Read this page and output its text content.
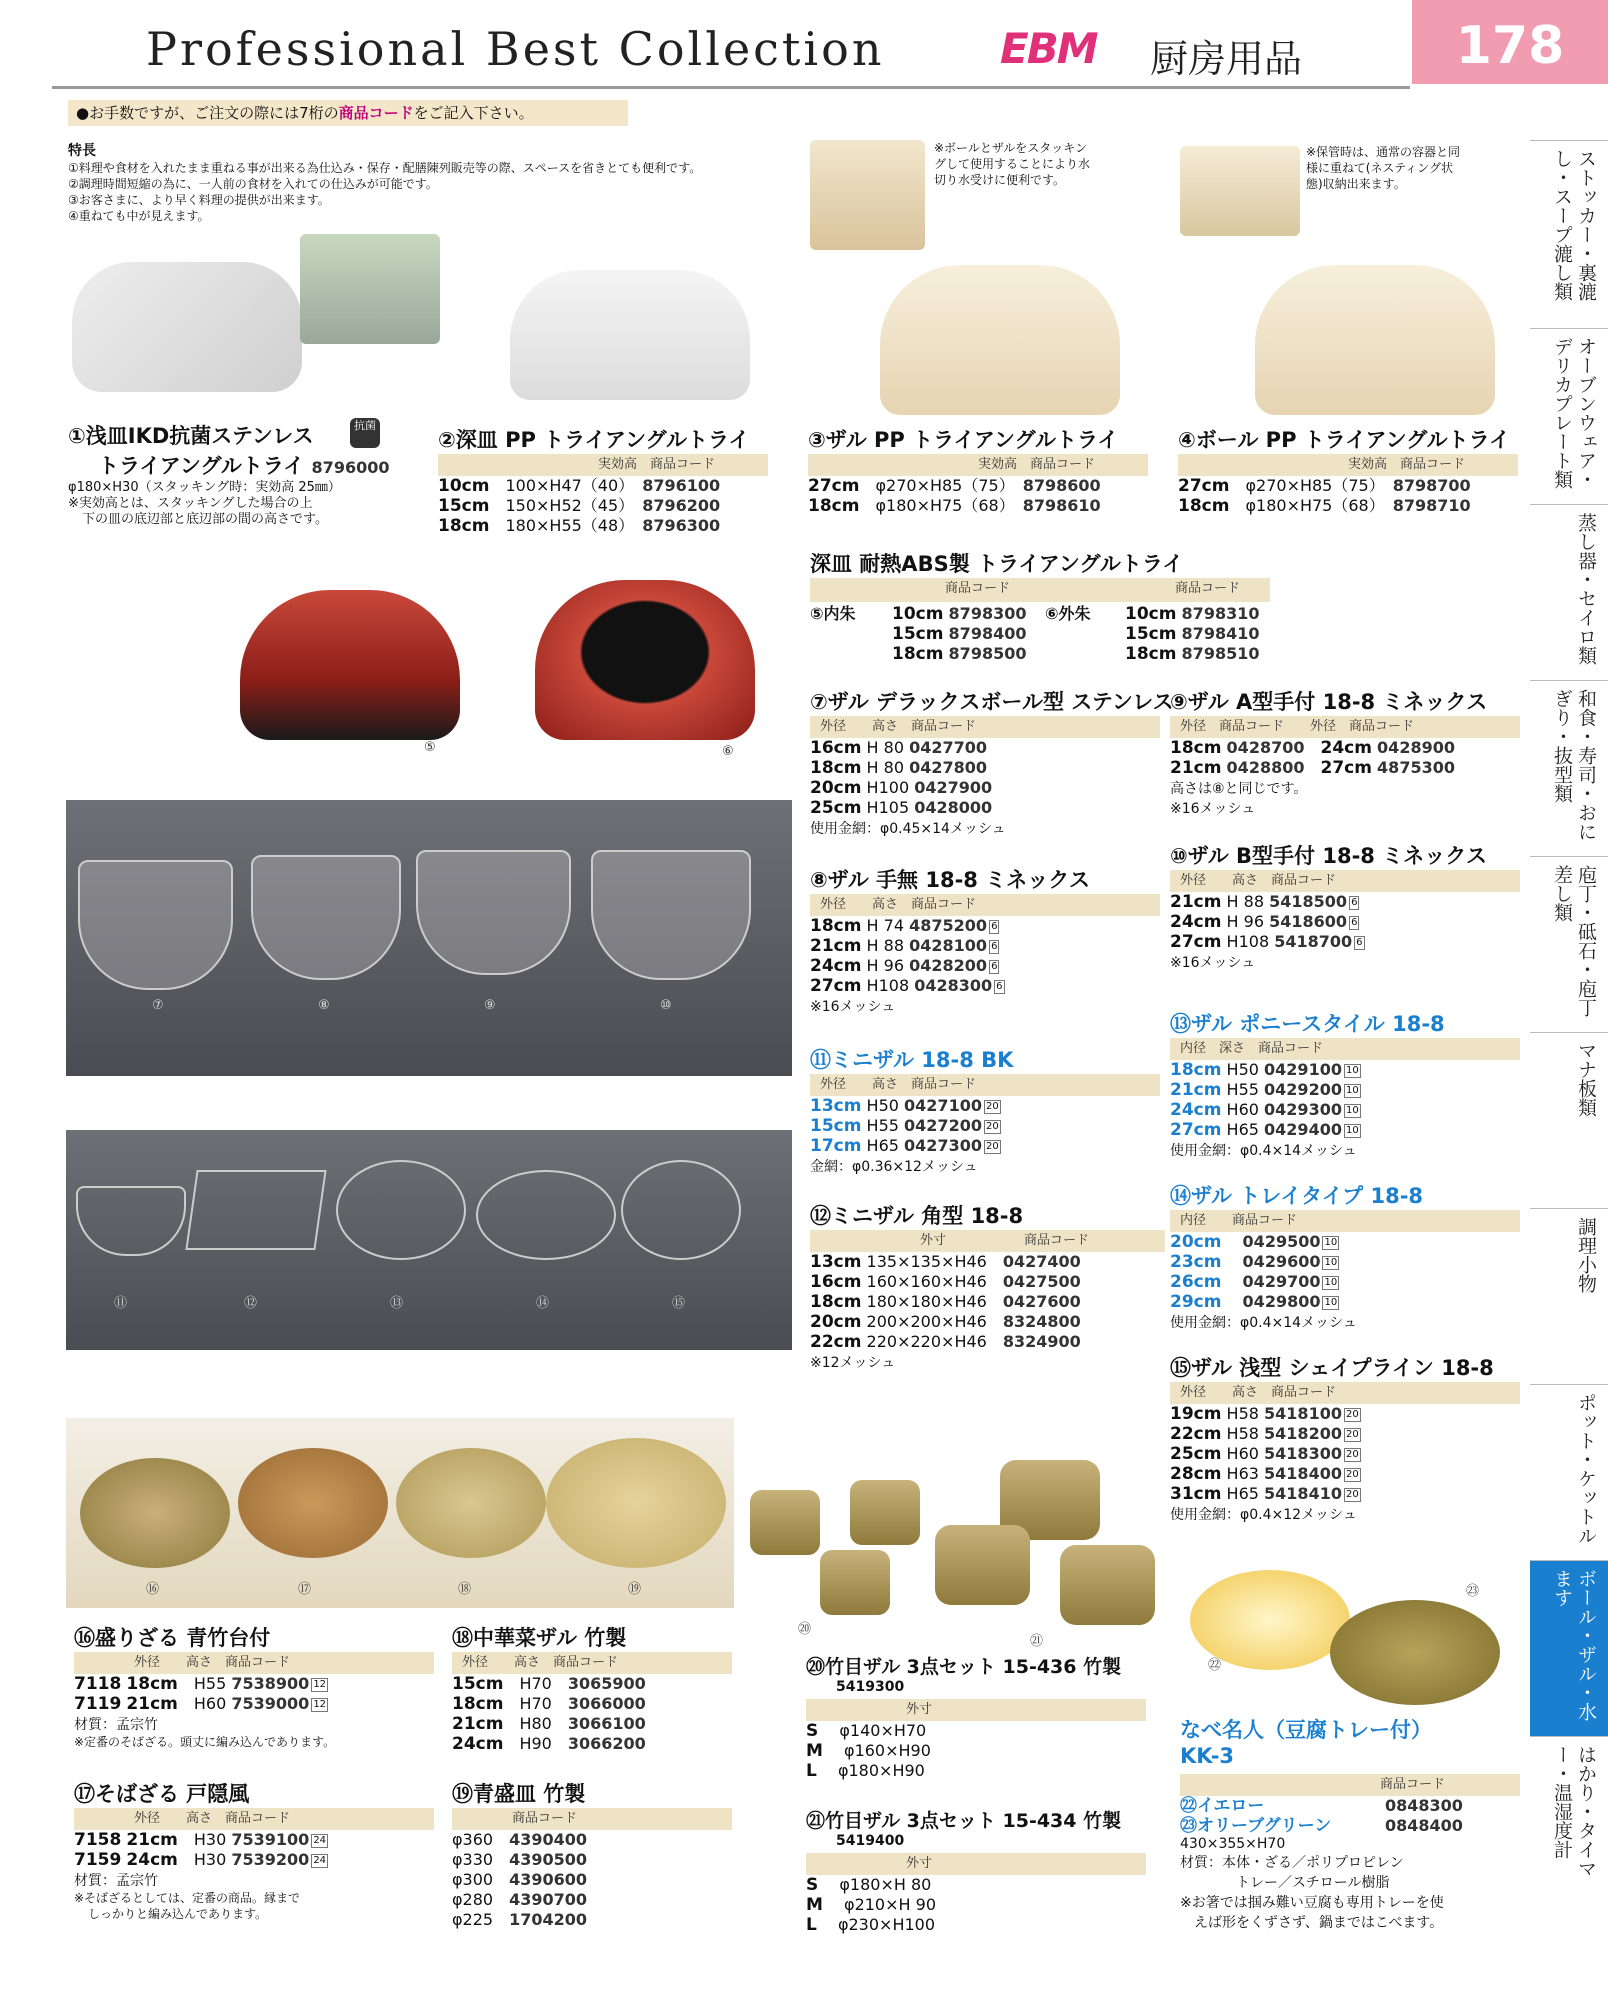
Professional Best Collection	EBM 厨房用品	178
●お手数ですが、ご注文の際には7桁の商品コードをご記入下さい。
特長
①料理や食材を入れたまま重ねる事が出来る為仕込み・保存・配膳陳列販売等の際、スペースを省きとても便利です。
②調理時間短縮の為に、一人前の食材を入れての仕込みが可能です。
③お客さまに、より早く料理の提供が出来ます。
④重ねても中が見えます。
※ボールとザルをスタッキングして使用することにより水切り水受けに便利です。
※保管時は、通常の容器と同様に重ねて(ネスティング状態)収納出来ます。
①浅皿IKD抗菌ステンレス
トライアングルトライ 8796000
φ180×H30（スタッキング時：実効高 25㎜）
※実効高とは、スタッキングした場合の上
下の皿の底辺部と底辺部の間の高さです。
抗菌
②深皿 PP トライアングルトライ
実効高　商品コード
10cm　 100×H47（40）　 8796100
15cm　 150×H52（45）　 8796200
18cm　 180×H55（48）　 8796300
③ザル PP トライアングルトライ
実効高　商品コード
27cm　 φ270×H85（75）　 8798600
18cm　 φ180×H75（68）　 8798610
④ボール PP トライアングルトライ
実効高　商品コード
27cm　 φ270×H85（75）　 8798700
18cm　 φ180×H75（68）　 8798710
⑤	⑥
深皿 耐熱ABS製 トライアングルトライ
商品コード	商品コード
⑤内朱 10cm 8798300
15cm 8798400
18cm 8798500
⑥外朱 10cm 8798310
15cm 8798410
18cm 8798510
⑦	⑧	⑨	⑩
⑪	⑫	⑬	⑭	⑮
⑦ザル デラックスボール型 ステンレス
外径　　高さ　商品コード
16cm H 80 0427700
18cm H 80 0427800
20cm H100 0427900
25cm H105 0428000
使用金網：φ0.45×14メッシュ
⑧ザル 手無 18-8 ミネックス
外径　　高さ　商品コード
18cm H 74 4875200 6
21cm H 88 0428100 6
24cm H 96 0428200 6
27cm H108 0428300 6
※16メッシュ
⑪ミニザル 18-8 BK
外径　　高さ　商品コード
13cm H50 0427100 20
15cm H55 0427200 20
17cm H65 0427300 20
金網：φ0.36×12メッシュ
⑫ミニザル 角型 18-8
外寸　　　　　　商品コード
13cm 135×135×H46　 0427400
16cm 160×160×H46　 0427500
18cm 180×180×H46　 0427600
20cm 200×200×H46　 8324800
22cm 220×220×H46　 8324900
※12メッシュ
⑨ザル A型手付 18-8 ミネックス
外径　商品コード　　外径　商品コード
18cm 0428700　 24cm 0428900
21cm 0428800　 27cm 4875300
高さは⑧と同じです。
※16メッシュ
⑩ザル B型手付 18-8 ミネックス
外径　　高さ　商品コード
21cm H 88 5418500 6
24cm H 96 5418600 6
27cm H108 5418700 6
※16メッシュ
⑬ザル ポニースタイル 18-8
内径　深さ　商品コード
18cm H50 0429100 10
21cm H55 0429200 10
24cm H60 0429300 10
27cm H65 0429400 10
使用金網：φ0.4×14メッシュ
⑭ザル トレイタイプ 18-8
内径　　商品コード
20cm　 0429500 10
23cm　 0429600 10
26cm　 0429700 10
29cm　 0429800 10
使用金網：φ0.4×14メッシュ
⑮ザル 浅型 シェイプライン 18-8
外径　　高さ　商品コード
19cm H58 5418100 20
22cm H58 5418200 20
25cm H60 5418300 20
28cm H63 5418400 20
31cm H65 5418410 20
使用金網：φ0.4×12メッシュ
⑯	⑰	⑱	⑲
⑳
㉑
⑯盛りざる 青竹台付
外径　　高さ　商品コード
7118 18cm　 H55 7538900 12
7119 21cm　 H60 7539000 12
材質：孟宗竹
※定番のそばざる。頭丈に編み込んであります。
⑰そばざる 戸隠風
外径　　高さ　商品コード
7158 21cm　 H30 7539100 24
7159 24cm　 H30 7539200 24
材質：孟宗竹
※そばざるとしては、定番の商品。縁まで
しっかりと編み込んであります。
⑱中華菜ザル 竹製
外径　　高さ　商品コード
15cm　 H70　 3065900
18cm　 H70　 3066000
21cm　 H80　 3066100
24cm　 H90　 3066200
⑲青盛皿 竹製
商品コード
φ360　 4390400
φ330　 4390500
φ300　 4390600
φ280　 4390700
φ225　 1704200
⑳竹目ザル 3点セット 15-436 竹製
5419300
外寸
S　 φ140×H70
M　 φ160×H90
L　 φ180×H90
㉑竹目ザル 3点セット 15-434 竹製
5419400
外寸
S　 φ180×H 80
M　 φ210×H 90
L　 φ230×H100
㉒
㉓
なべ名人（豆腐トレー付）
KK-3
商品コード
㉒イエロー	0848300
㉓オリーブグリーン	0848400
430×355×H70
材質：本体・ざる／ポリプロピレン
トレー／スチロール樹脂
※お箸では掴み難い豆腐も専用トレーを使
えば形をくずさず、鍋まではこべます。
ストッカー・裏漉し・スープ漉し類
オーブンウェア・デリカプレート類
蒸し器・セイロ類
和食・寿司・おにぎり・抜型類
庖丁・砥石・庖丁差し類
マナ板類
調理小物
ポット・ケットル
ボール・ザル・水ます
はかり・タイマー・温湿度計
